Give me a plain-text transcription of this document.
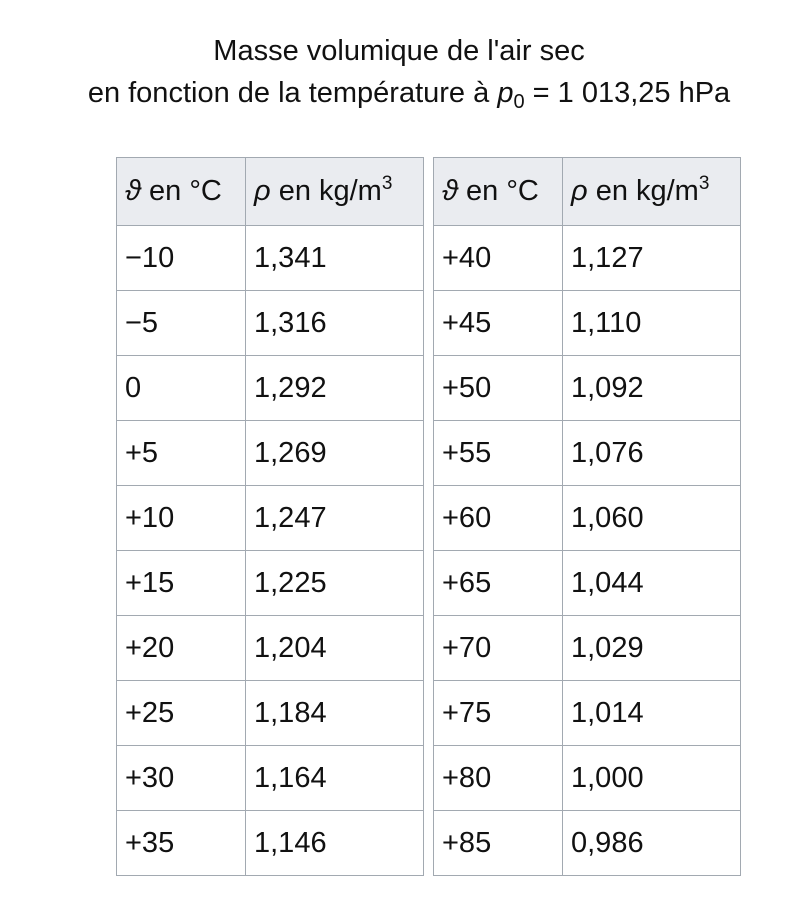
Masse volumique de l'air sec
en fonction de la température à $p_0 = 1$ 013,25 hPa
ϑ en °C	ρ en $kg/m^3$
−10	1,341
−5	1,316
0	1,292
+5	1,269
+10	1,247
+15	1,225
+20	1,204
+25	1,184
+30	1,164
+35	1,146
ϑ en °C	ρ en $kg/m^3$
+40	1,127
+45	1,110
+50	1,092
+55	1,076
+60	1,060
+65	1,044
+70	1,029
+75	1,014
+80	1,000
+85	0,986
